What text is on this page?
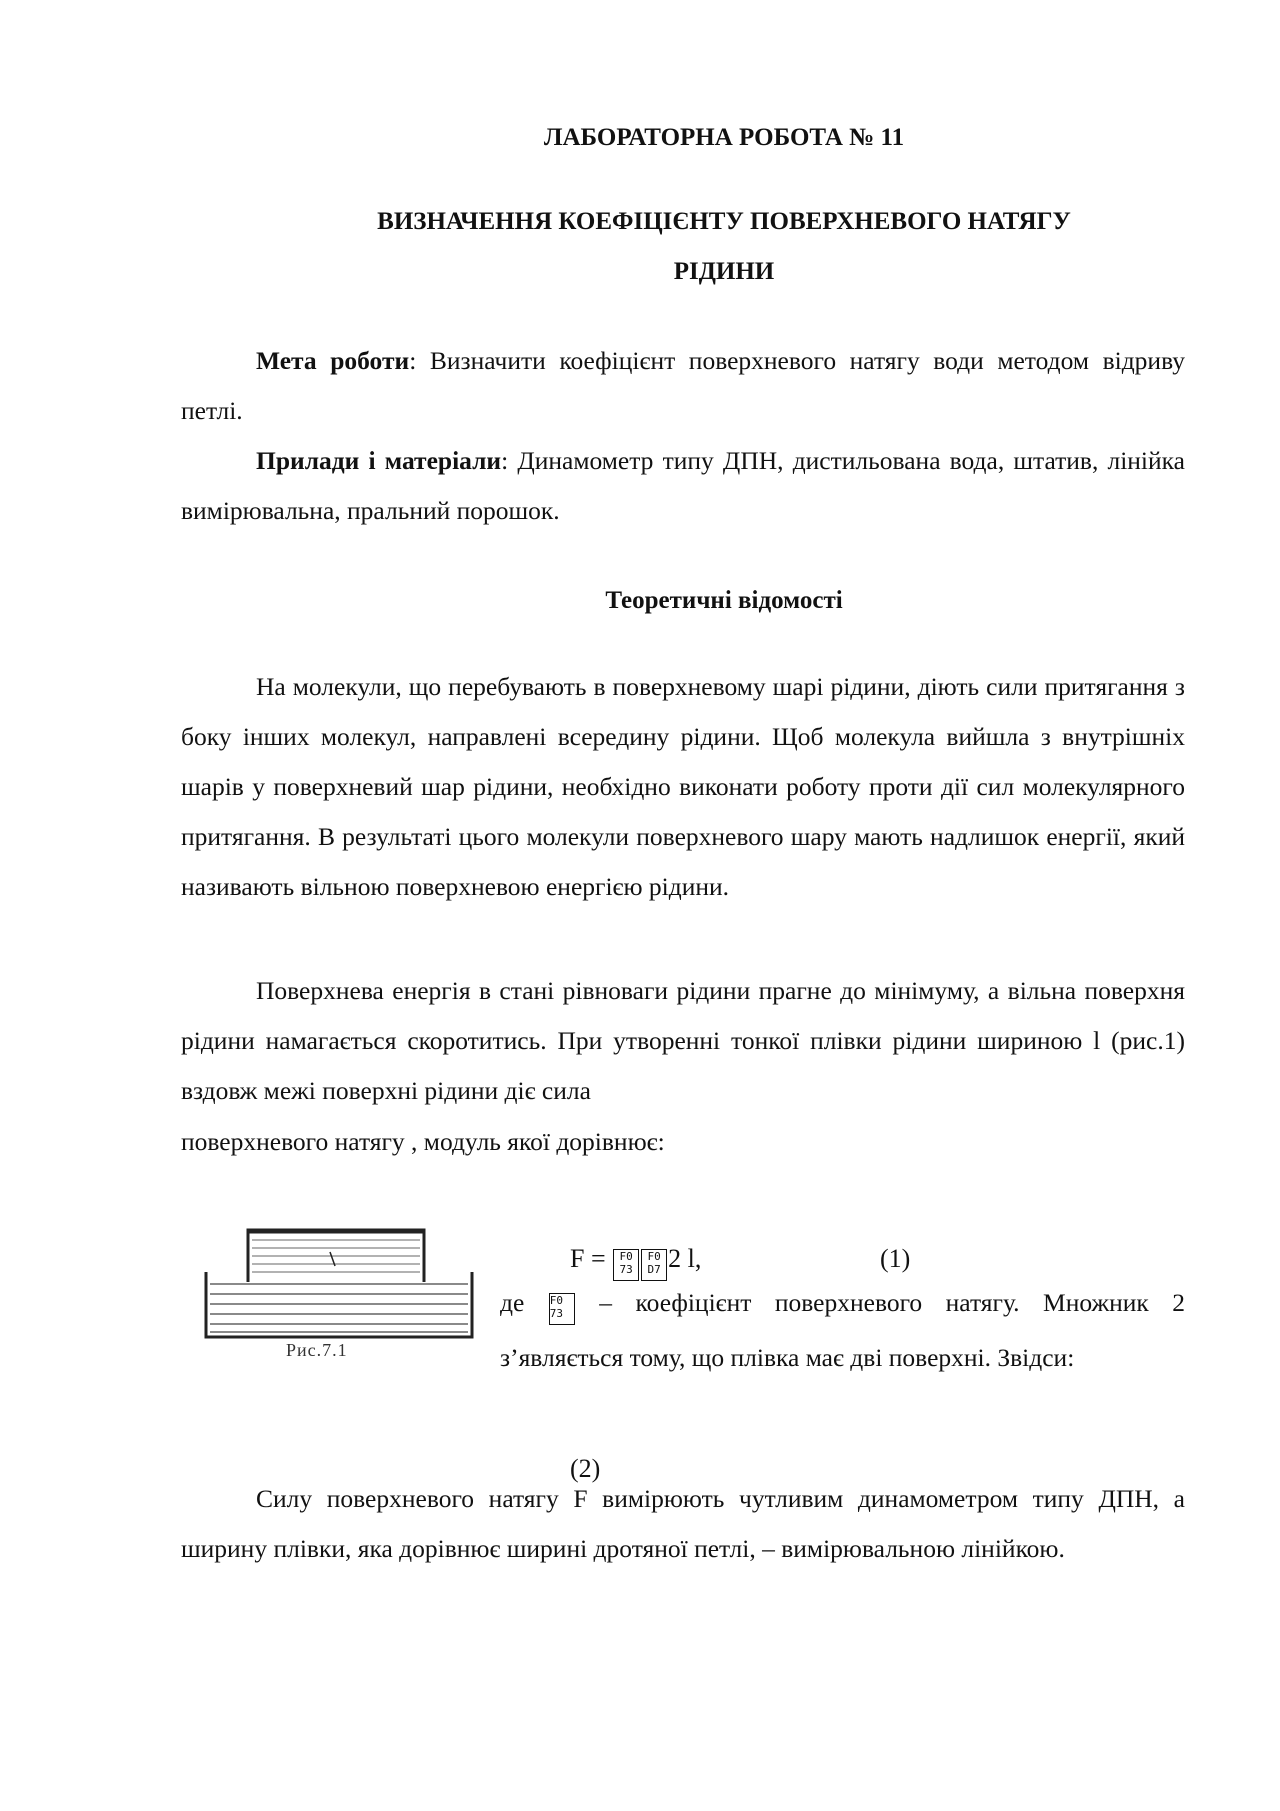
ЛАБОРАТОРНА РОБОТА № 11
ВИЗНАЧЕННЯ КОЕФІЦІЄНТУ ПОВЕРХНЕВОГО НАТЯГУ
РІДИНИ
Мета роботи: Визначити коефіцієнт поверхневого натягу води методом відриву петлі.
Прилади і матеріали: Динамометр типу ДПН, дистильована вода, штатив, лінійка вимірювальна, пральний порошок.
Теоретичні відомості
На молекули, що перебувають в поверхневому шарі рідини, діють сили притягання з боку інших молекул, направлені всередину рідини. Щоб молекула вийшла з внутрішніх шарів у поверхневий шар рідини, необхідно виконати роботу проти дії сил молекулярного притягання. В результаті цього молекули поверхневого шару мають надлишок енергії, який називають вільною поверхневою енергією рідини.
Поверхнева енергія в стані рівноваги рідини прагне до мінімуму, а вільна поверхня рідини намагається скоротитись. При утворенні тонкої плівки рідини шириною l (рис.1) вздовж межі поверхні рідини діє сила
поверхневого натягу , модуль якої дорівнює:
Рис.7.1
F = F0
73
F0
D7 2 l,	(1)
де F0
73	– коефіцієнт поверхневого натягу. Множник 2
з’являється тому, що плівка має дві поверхні. Звідси:
(2)
Силу поверхневого натягу F вимірюють чутливим динамометром типу ДПН, а ширину плівки, яка дорівнює ширині дротяної петлі, – вимірювальною лінійкою.
